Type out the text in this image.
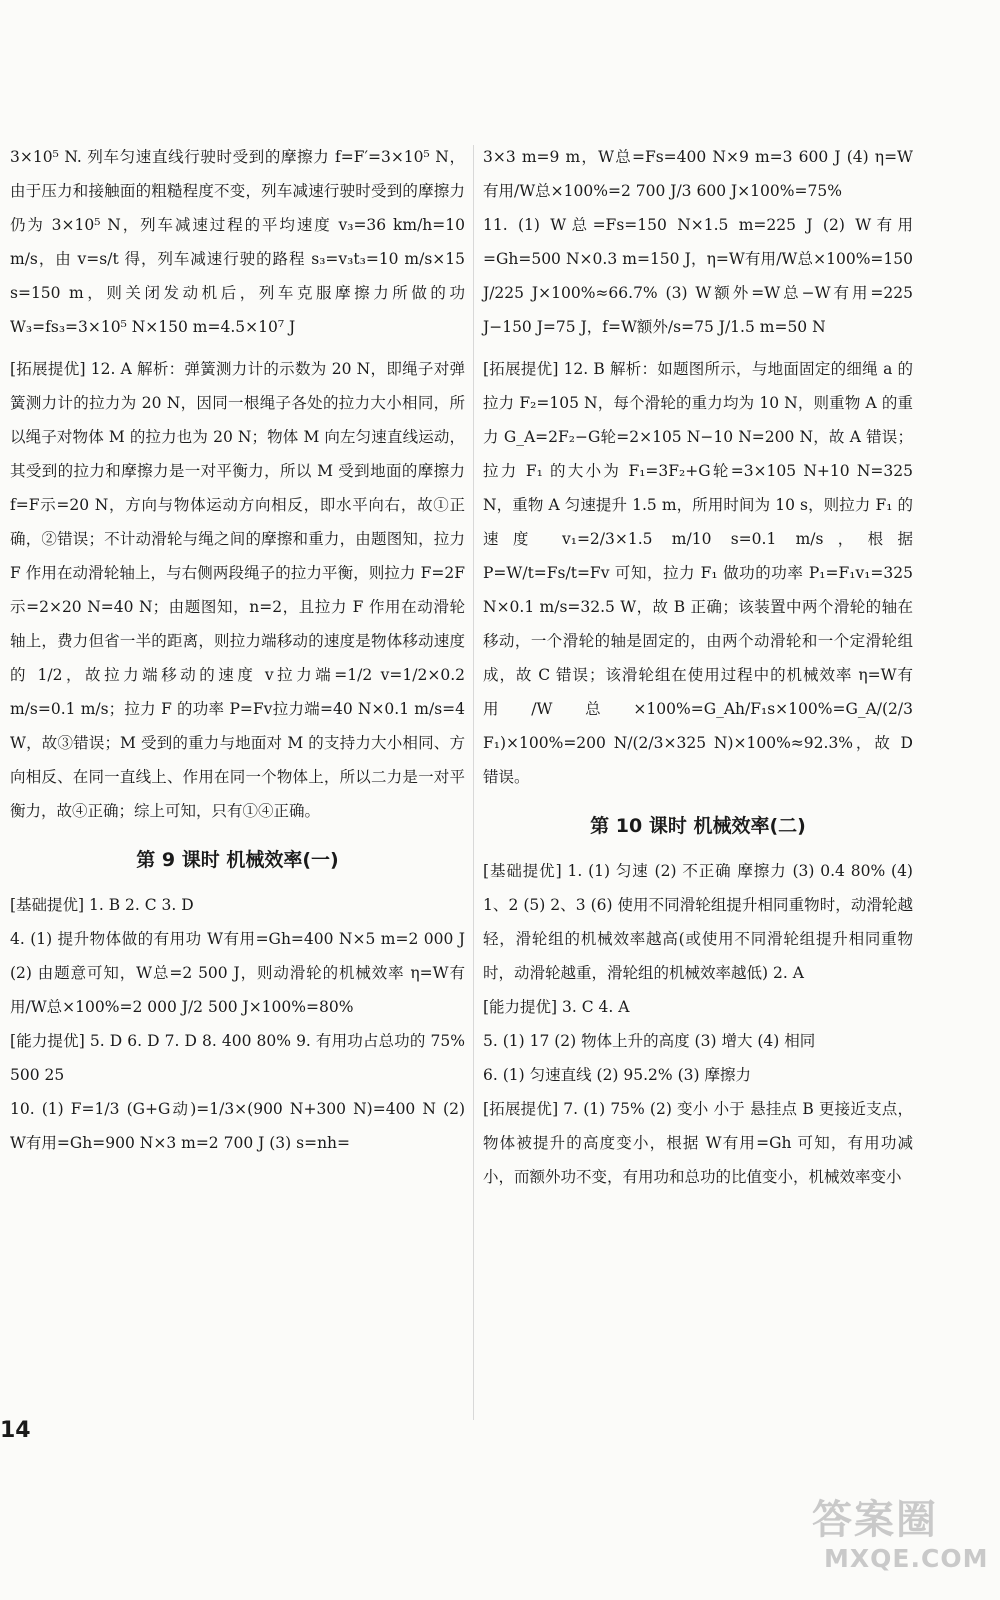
3×10⁵ N. 列车匀速直线行驶时受到的摩擦力 f=F′=3×10⁵ N，由于压力和接触面的粗糙程度不变，列车减速行驶时受到的摩擦力仍为 3×10⁵ N，列车减速过程的平均速度 v₃=36 km/h=10 m/s，由 v=s/t 得，列车减速行驶的路程 s₃=v₃t₃=10 m/s×15 s=150 m，则关闭发动机后，列车克服摩擦力所做的功 W₃=fs₃=3×10⁵ N×150 m=4.5×10⁷ J

[拓展提优] 12. A 解析：弹簧测力计的示数为 20 N，即绳子对弹簧测力计的拉力为 20 N，因同一根绳子各处的拉力大小相同，所以绳子对物体 M 的拉力也为 20 N；物体 M 向左匀速直线运动，其受到的拉力和摩擦力是一对平衡力，所以 M 受到地面的摩擦力 f=F示=20 N，方向与物体运动方向相反，即水平向右，故①正确，②错误；不计动滑轮与绳之间的摩擦和重力，由题图知，拉力 F 作用在动滑轮轴上，与右侧两段绳子的拉力平衡，则拉力 F=2F示=2×20 N=40 N；由题图知，n=2，且拉力 F 作用在动滑轮轴上，费力但省一半的距离，则拉力端移动的速度是物体移动速度的 1/2，故拉力端移动的速度 v拉力端=1/2 v=1/2×0.2 m/s=0.1 m/s；拉力 F 的功率 P=Fv拉力端=40 N×0.1 m/s=4 W，故③错误；M 受到的重力与地面对 M 的支持力大小相同、方向相反、在同一直线上、作用在同一个物体上，所以二力是一对平衡力，故④正确；综上可知，只有①④正确。

第 9 课时 机械效率(一)

[基础提优] 1. B 2. C 3. D

4. (1) 提升物体做的有用功 W有用=Gh=400 N×5 m=2 000 J (2) 由题意可知，W总=2 500 J，则动滑轮的机械效率 η=W有用/W总×100%=2 000 J/2 500 J×100%=80%

[能力提优] 5. D 6. D 7. D 8. 400 80% 9. 有用功占总功的 75% 500 25

10. (1) F=1/3 (G+G动)=1/3×(900 N+300 N)=400 N (2) W有用=Gh=900 N×3 m=2 700 J (3) s=nh=

3×3 m=9 m，W总=Fs=400 N×9 m=3 600 J (4) η=W有用/W总×100%=2 700 J/3 600 J×100%=75%

11. (1) W总=Fs=150 N×1.5 m=225 J (2) W有用=Gh=500 N×0.3 m=150 J，η=W有用/W总×100%=150 J/225 J×100%≈66.7% (3) W额外=W总−W有用=225 J−150 J=75 J，f=W额外/s=75 J/1.5 m=50 N

[拓展提优] 12. B 解析：如题图所示，与地面固定的细绳 a 的拉力 F₂=105 N，每个滑轮的重力均为 10 N，则重物 A 的重力 G_A=2F₂−G轮=2×105 N−10 N=200 N，故 A 错误；拉力 F₁ 的大小为 F₁=3F₂+G轮=3×105 N+10 N=325 N，重物 A 匀速提升 1.5 m，所用时间为 10 s，则拉力 F₁ 的速度 v₁=2/3×1.5 m/10 s=0.1 m/s，根据 P=W/t=Fs/t=Fv 可知，拉力 F₁ 做功的功率 P₁=F₁v₁=325 N×0.1 m/s=32.5 W，故 B 正确；该装置中两个滑轮的轴在移动，一个滑轮的轴是固定的，由两个动滑轮和一个定滑轮组成，故 C 错误；该滑轮组在使用过程中的机械效率 η=W有用/W总×100%=G_Ah/F₁s×100%=G_A/(2/3 F₁)×100%=200 N/(2/3×325 N)×100%≈92.3%，故 D 错误。

第 10 课时 机械效率(二)

[基础提优] 1. (1) 匀速 (2) 不正确 摩擦力 (3) 0.4 80% (4) 1、2 (5) 2、3 (6) 使用不同滑轮组提升相同重物时，动滑轮越轻，滑轮组的机械效率越高(或使用不同滑轮组提升相同重物时，动滑轮越重，滑轮组的机械效率越低) 2. A

[能力提优] 3. C 4. A

5. (1) 17 (2) 物体上升的高度 (3) 增大 (4) 相同

6. (1) 匀速直线 (2) 95.2% (3) 摩擦力

[拓展提优] 7. (1) 75% (2) 变小 小于 悬挂点 B 更接近支点，物体被提升的高度变小，根据 W有用=Gh 可知，有用功减小，而额外功不变，有用功和总功的比值变小，机械效率变小

14
答案圈
MXQE.COM
